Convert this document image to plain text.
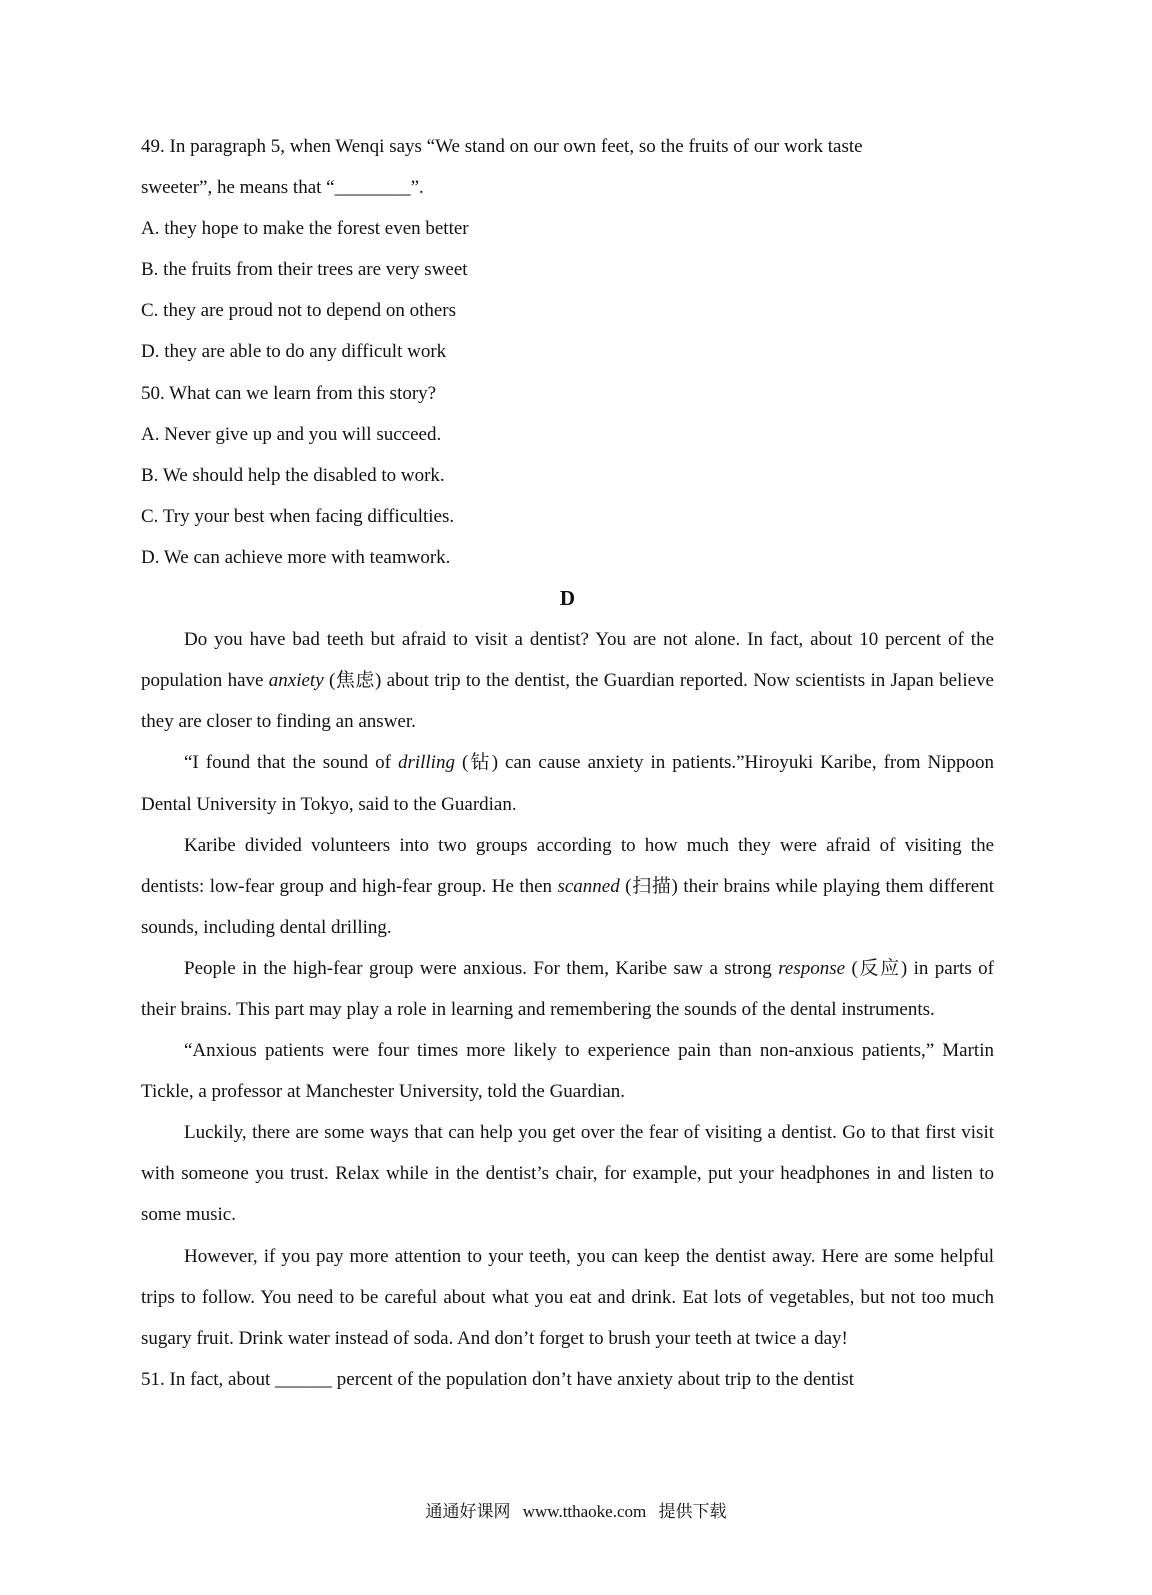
49. In paragraph 5, when Wenqi says “We stand on our own feet, so the fruits of our work taste
sweeter”, he means that “________”.
A. they hope to make the forest even better
B. the fruits from their trees are very sweet
C. they are proud not to depend on others
D. they are able to do any difficult work
50. What can we learn from this story?
A. Never give up and you will succeed.
B. We should help the disabled to work.
C. Try your best when facing difficulties.
D. We can achieve more with teamwork.
D

Do you have bad teeth but afraid to visit a dentist? You are not alone. In fact, about 10 percent of the population have anxiety (焦虑) about trip to the dentist, the Guardian reported. Now scientists in Japan believe they are closer to finding an answer.

“I found that the sound of drilling (钻) can cause anxiety in patients.”Hiroyuki Karibe, from Nippoon Dental University in Tokyo, said to the Guardian.

Karibe divided volunteers into two groups according to how much they were afraid of visiting the dentists: low-fear group and high-fear group. He then scanned (扫描) their brains while playing them different sounds, including dental drilling.

People in the high-fear group were anxious. For them, Karibe saw a strong response (反应) in parts of their brains. This part may play a role in learning and remembering the sounds of the dental instruments.

“Anxious patients were four times more likely to experience pain than non-anxious patients,” Martin Tickle, a professor at Manchester University, told the Guardian.

Luckily, there are some ways that can help you get over the fear of visiting a dentist. Go to that first visit with someone you trust. Relax while in the dentist’s chair, for example, put your headphones in and listen to some music.

However, if you pay more attention to your teeth, you can keep the dentist away. Here are some helpful trips to follow. You need to be careful about what you eat and drink. Eat lots of vegetables, but not too much sugary fruit. Drink water instead of soda. And don’t forget to brush your teeth at twice a day!

51. In fact, about ______ percent of the population don’t have anxiety about trip to the dentist
通通好课网 www.tthaoke.com 提供下载
